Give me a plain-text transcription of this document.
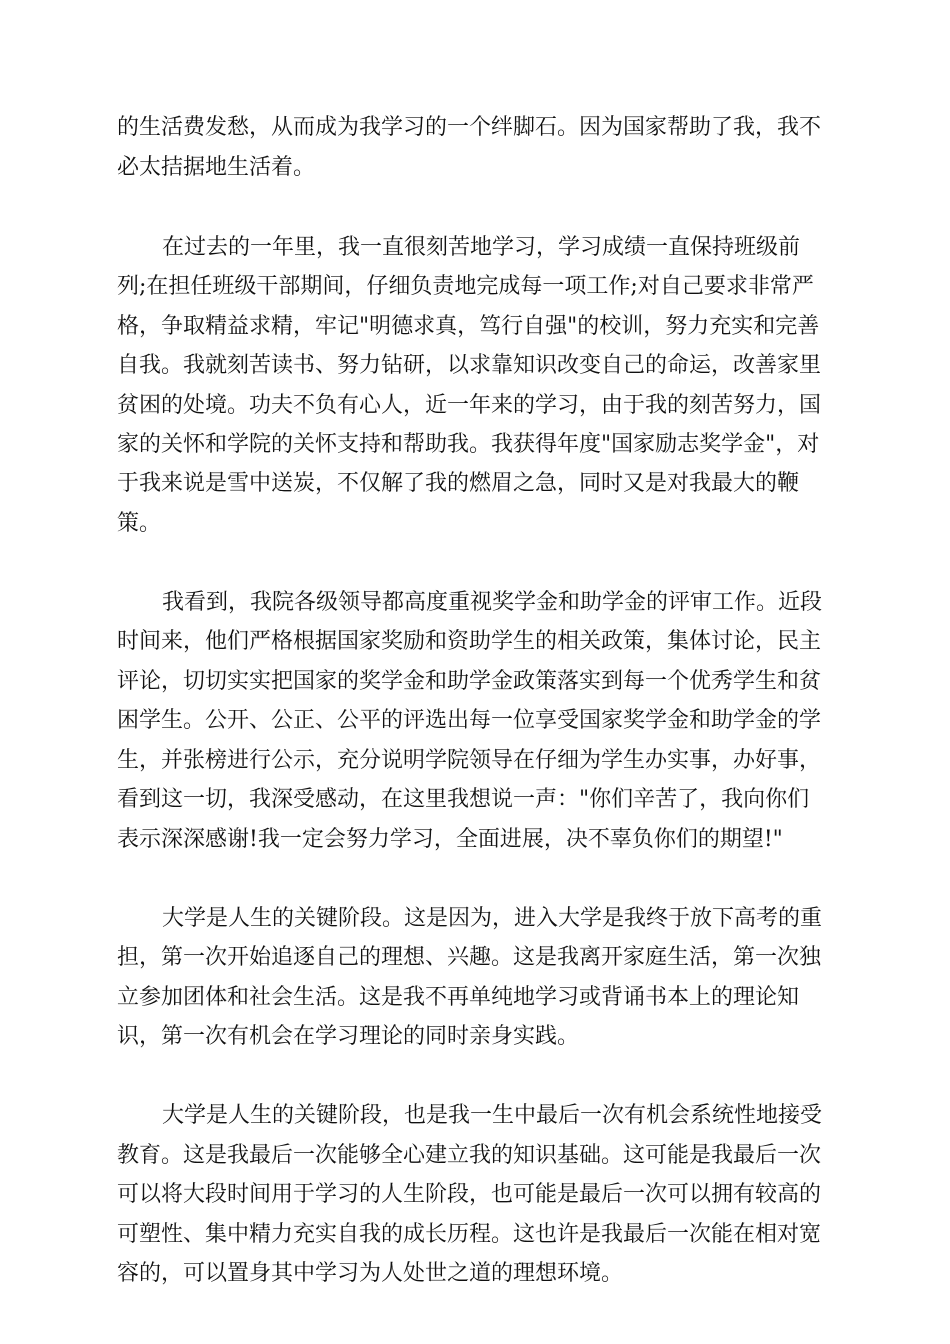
的生活费发愁，从而成为我学习的一个绊脚石。因为国家帮助了我，我不
必太拮据地生活着。
在过去的一年里，我一直很刻苦地学习，学习成绩一直保持班级前
列;在担任班级干部期间，仔细负责地完成每一项工作;对自己要求非常严
格，争取精益求精，牢记"明德求真，笃行自强"的校训，努力充实和完善
自我。我就刻苦读书、努力钻研，以求靠知识改变自己的命运，改善家里
贫困的处境。功夫不负有心人，近一年来的学习，由于我的刻苦努力，国
家的关怀和学院的关怀支持和帮助我。我获得年度"国家励志奖学金"，对
于我来说是雪中送炭，不仅解了我的燃眉之急，同时又是对我最大的鞭
策。
我看到，我院各级领导都高度重视奖学金和助学金的评审工作。近段
时间来，他们严格根据国家奖励和资助学生的相关政策，集体讨论，民主
评论，切切实实把国家的奖学金和助学金政策落实到每一个优秀学生和贫
困学生。公开、公正、公平的评选出每一位享受国家奖学金和助学金的学
生，并张榜进行公示，充分说明学院领导在仔细为学生办实事，办好事，
看到这一切，我深受感动，在这里我想说一声："你们辛苦了，我向你们
表示深深感谢!我一定会努力学习，全面进展，决不辜负你们的期望!"
大学是人生的关键阶段。这是因为，进入大学是我终于放下高考的重
担，第一次开始追逐自己的理想、兴趣。这是我离开家庭生活，第一次独
立参加团体和社会生活。这是我不再单纯地学习或背诵书本上的理论知
识，第一次有机会在学习理论的同时亲身实践。
大学是人生的关键阶段，也是我一生中最后一次有机会系统性地接受
教育。这是我最后一次能够全心建立我的知识基础。这可能是我最后一次
可以将大段时间用于学习的人生阶段，也可能是最后一次可以拥有较高的
可塑性、集中精力充实自我的成长历程。这也许是我最后一次能在相对宽
容的，可以置身其中学习为人处世之道的理想环境。
